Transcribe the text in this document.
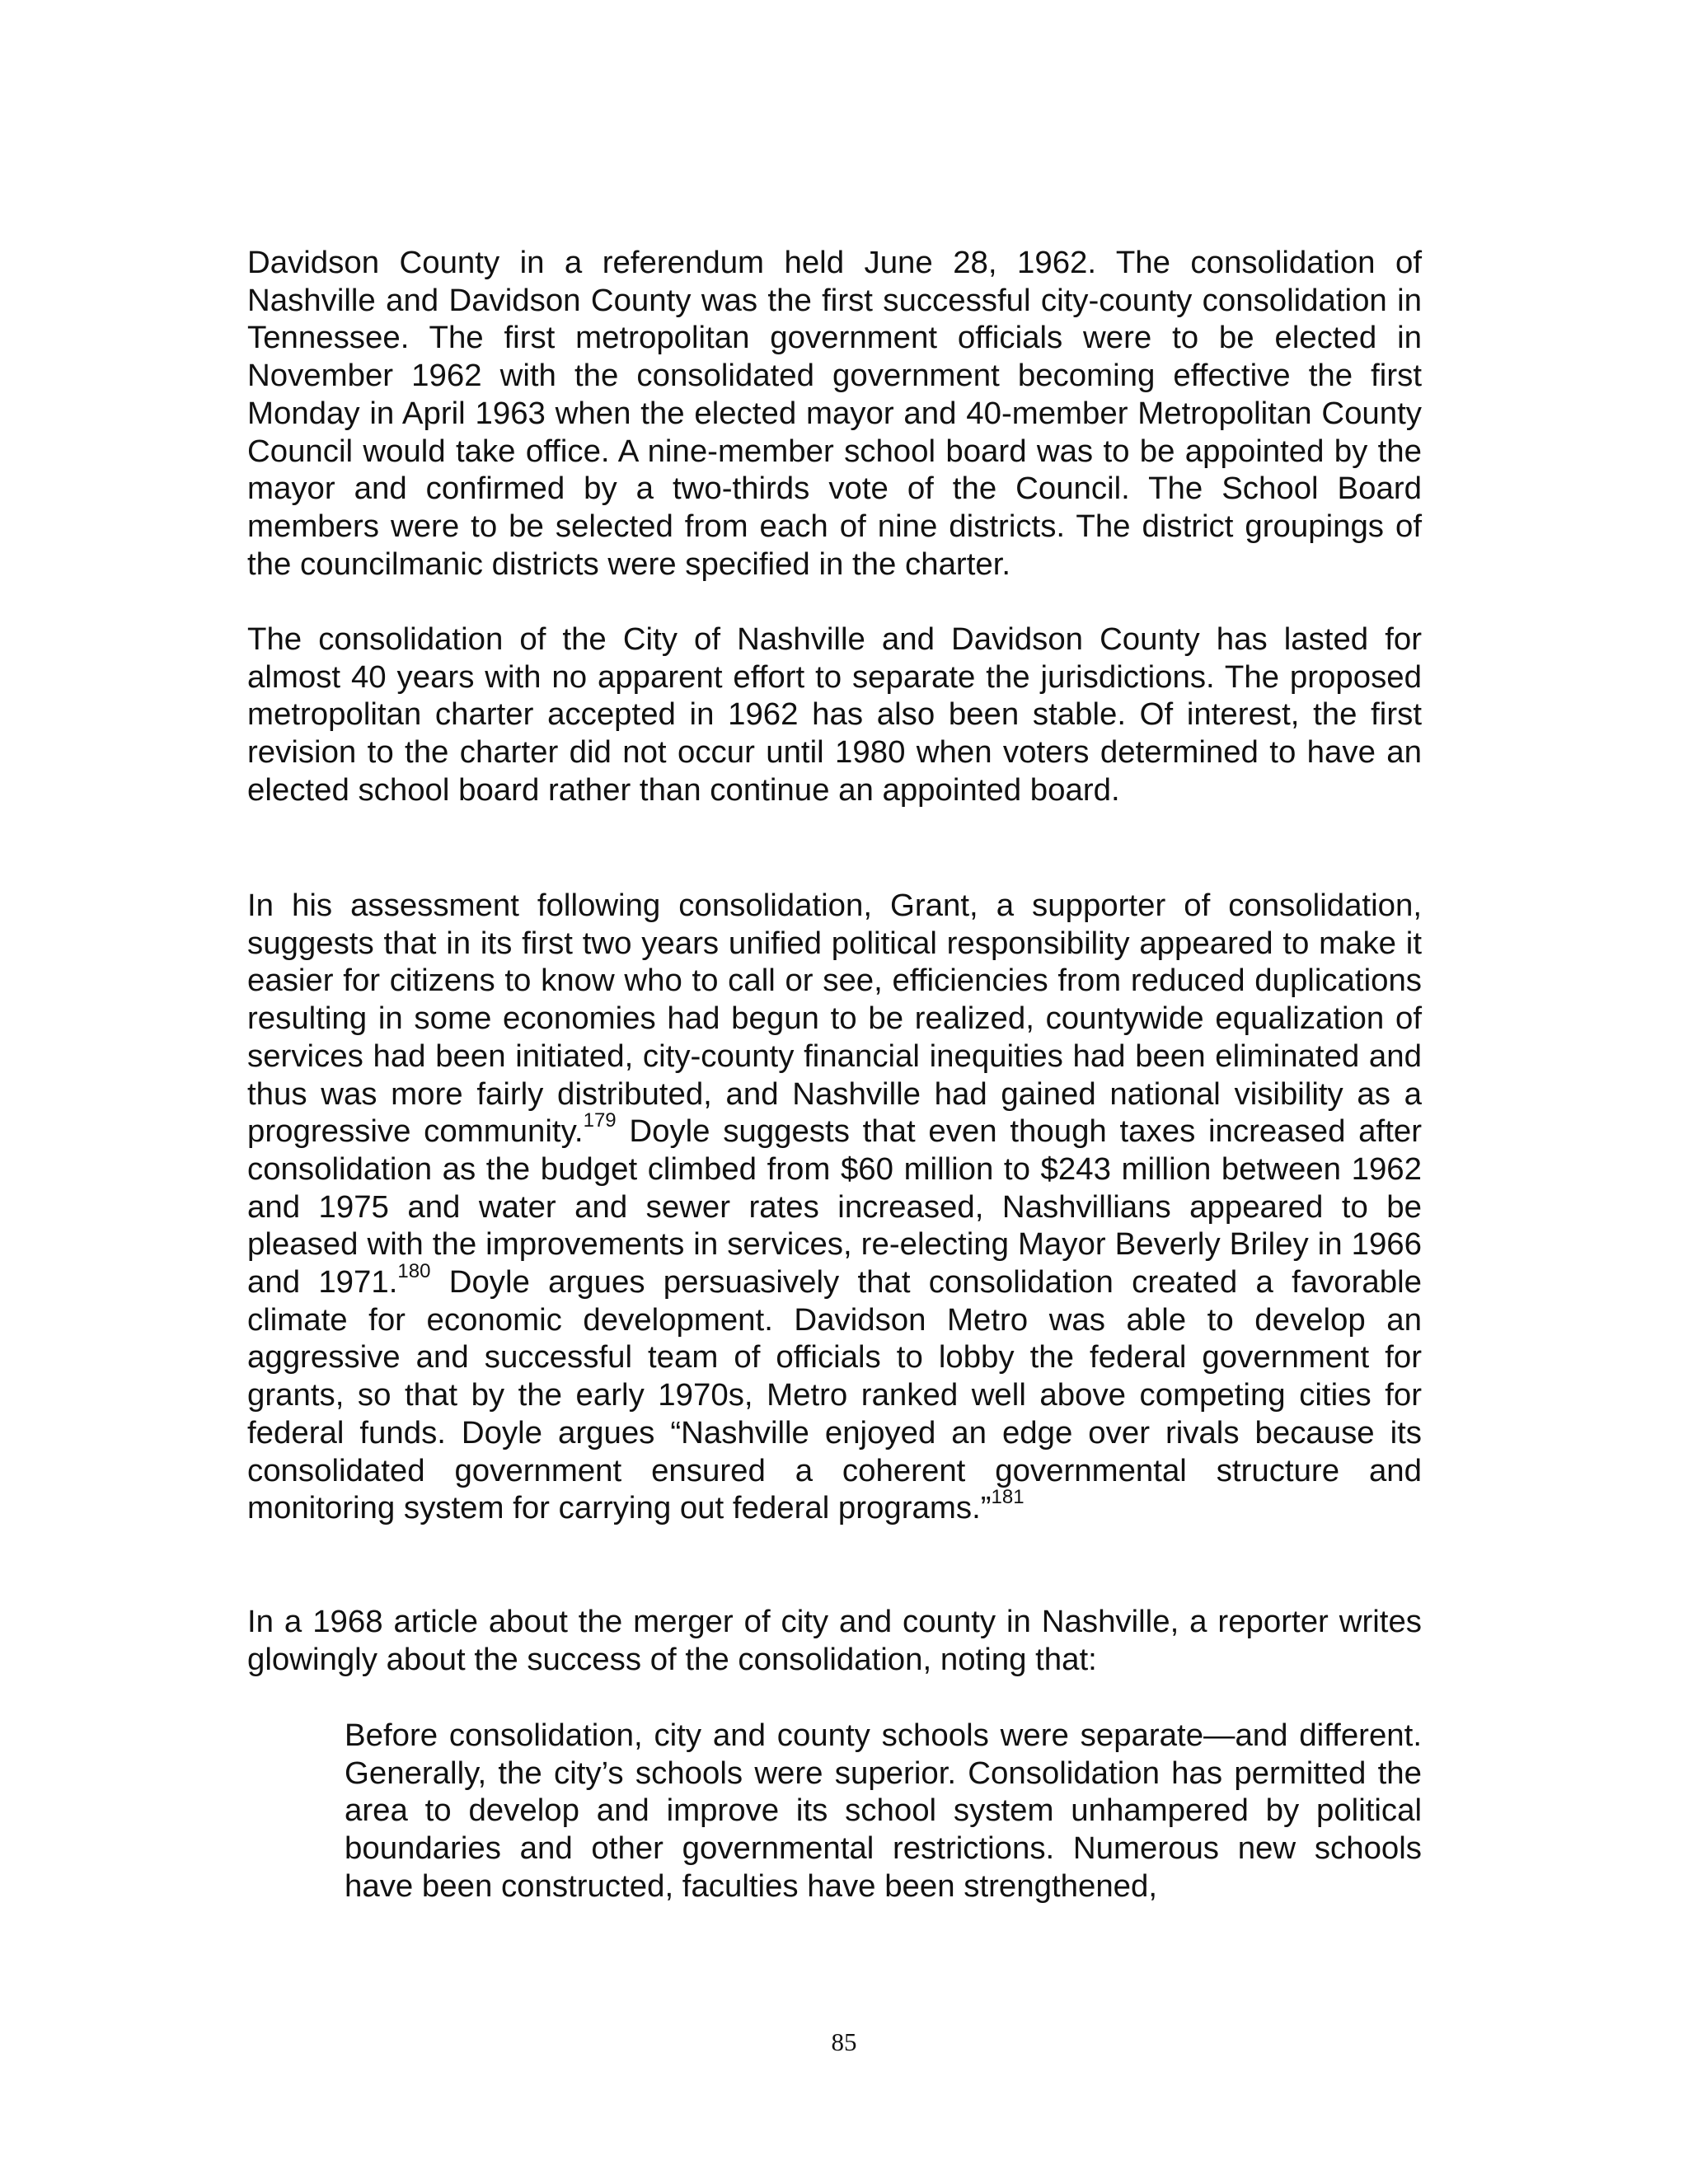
Davidson County in a referendum held June 28, 1962. The consolidation of Nashville and Davidson County was the first successful city-county consolidation in Tennessee. The first metropolitan government officials were to be elected in November 1962 with the consolidated government becoming effective the first Monday in April 1963 when the elected mayor and 40-member Metropolitan County Council would take office. A nine-member school board was to be appointed by the mayor and confirmed by a two-thirds vote of the Council. The School Board members were to be selected from each of nine districts. The district groupings of the councilmanic districts were specified in the charter.

The consolidation of the City of Nashville and Davidson County has lasted for almost 40 years with no apparent effort to separate the jurisdictions. The proposed metropolitan charter accepted in 1962 has also been stable. Of interest, the first revision to the charter did not occur until 1980 when voters determined to have an elected school board rather than continue an appointed board.

In his assessment following consolidation, Grant, a supporter of consolidation, suggests that in its first two years unified political responsibility appeared to make it easier for citizens to know who to call or see, efficiencies from reduced duplications resulting in some economies had begun to be realized, countywide equalization of services had been initiated, city-county financial inequities had been eliminated and thus was more fairly distributed, and Nashville had gained national visibility as a progressive community.$^{179}$ Doyle suggests that even though taxes increased after consolidation as the budget climbed from $60 million to $243 million between 1962 and 1975 and water and sewer rates increased, Nashvillians appeared to be pleased with the improvements in services, re-electing Mayor Beverly Briley in 1966 and 1971.$^{180}$ Doyle argues persuasively that consolidation created a favorable climate for economic development. Davidson Metro was able to develop an aggressive and successful team of officials to lobby the federal government for grants, so that by the early 1970s, Metro ranked well above competing cities for federal funds. Doyle argues “Nashville enjoyed an edge over rivals because its consolidated government ensured a coherent governmental structure and monitoring system for carrying out federal programs.”$^{181}$

In a 1968 article about the merger of city and county in Nashville, a reporter writes glowingly about the success of the consolidation, noting that:

Before consolidation, city and county schools were separate—and different. Generally, the city’s schools were superior. Consolidation has permitted the area to develop and improve its school system unhampered by political boundaries and other governmental restrictions. Numerous new schools have been constructed, faculties have been strengthened,

85
